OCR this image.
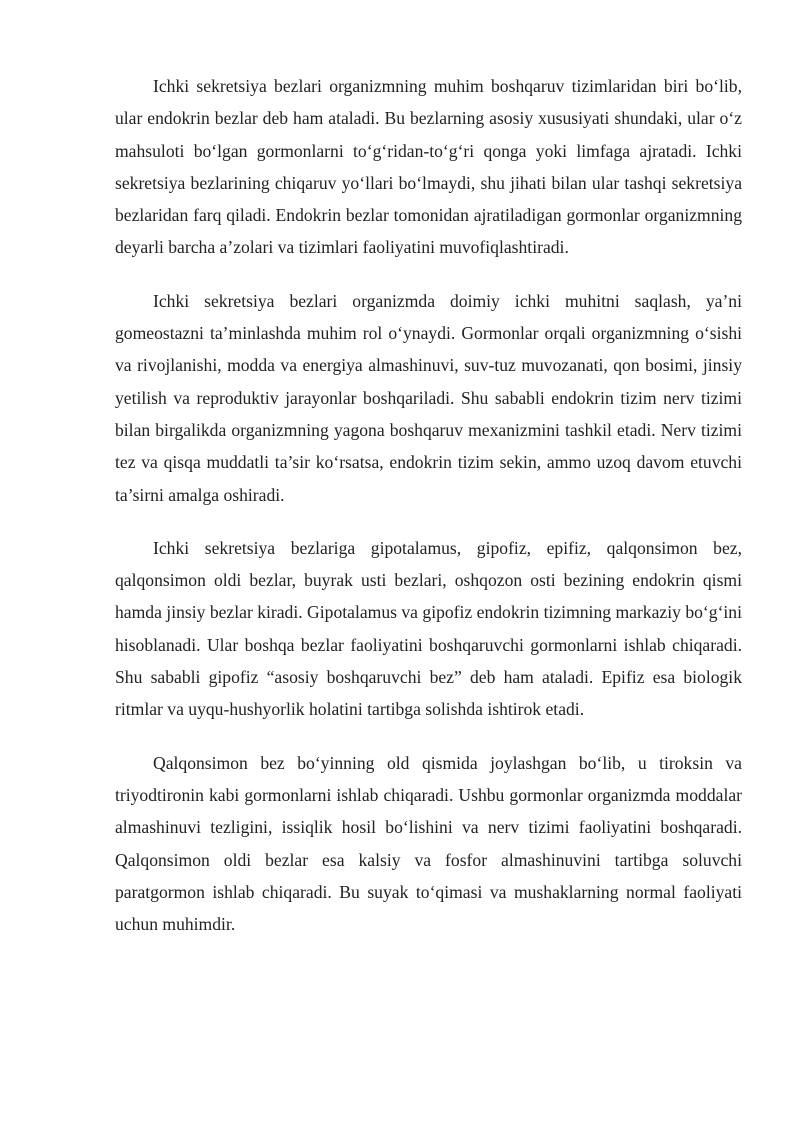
Ichki sekretsiya bezlari organizmning muhim boshqaruv tizimlaridan biri bo‘lib, ular endokrin bezlar deb ham ataladi. Bu bezlarning asosiy xususiyati shundaki, ular o‘z mahsuloti bo‘lgan gormonlarni to‘g‘ridan-to‘g‘ri qonga yoki limfaga ajratadi. Ichki sekretsiya bezlarining chiqaruv yo‘llari bo‘lmaydi, shu jihati bilan ular tashqi sekretsiya bezlaridan farq qiladi. Endokrin bezlar tomonidan ajratiladigan gormonlar organizmning deyarli barcha a’zolari va tizimlari faoliyatini muvofiqlashtiradi.

Ichki sekretsiya bezlari organizmda doimiy ichki muhitni saqlash, ya’ni gomeostazni ta’minlashda muhim rol o‘ynaydi. Gormonlar orqali organizmning o‘sishi va rivojlanishi, modda va energiya almashinuvi, suv-tuz muvozanati, qon bosimi, jinsiy yetilish va reproduktiv jarayonlar boshqariladi. Shu sababli endokrin tizim nerv tizimi bilan birgalikda organizmning yagona boshqaruv mexanizmini tashkil etadi. Nerv tizimi tez va qisqa muddatli ta’sir ko‘rsatsa, endokrin tizim sekin, ammo uzoq davom etuvchi ta’sirni amalga oshiradi.

Ichki sekretsiya bezlariga gipotalamus, gipofiz, epifiz, qalqonsimon bez, qalqonsimon oldi bezlar, buyrak usti bezlari, oshqozon osti bezining endokrin qismi hamda jinsiy bezlar kiradi. Gipotalamus va gipofiz endokrin tizimning markaziy bo‘g‘ini hisoblanadi. Ular boshqa bezlar faoliyatini boshqaruvchi gormonlarni ishlab chiqaradi. Shu sababli gipofiz “asosiy boshqaruvchi bez” deb ham ataladi. Epifiz esa biologik ritmlar va uyqu-hushyorlik holatini tartibga solishda ishtirok etadi.

Qalqonsimon bez bo‘yinning old qismida joylashgan bo‘lib, u tiroksin va triyodtironin kabi gormonlarni ishlab chiqaradi. Ushbu gormonlar organizmda moddalar almashinuvi tezligini, issiqlik hosil bo‘lishini va nerv tizimi faoliyatini boshqaradi. Qalqonsimon oldi bezlar esa kalsiy va fosfor almashinuvini tartibga soluvchi paratgormon ishlab chiqaradi. Bu suyak to‘qimasi va mushaklarning normal faoliyati uchun muhimdir.
